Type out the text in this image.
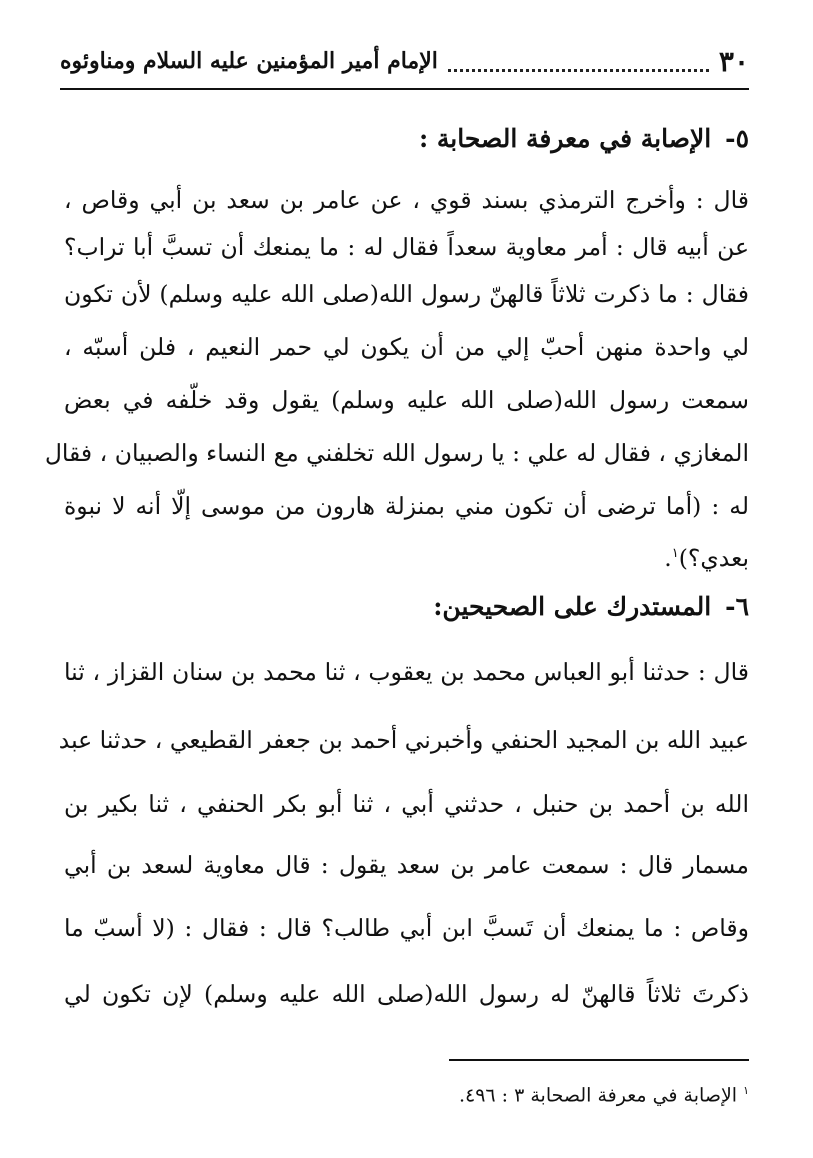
٣٠
الإمام أمير المؤمنين عليه السلام ومناوئوه
٥-الإصابة في معرفة الصحابة :
قال : وأخرج الترمذي بسند قوي ، عن عامر بن سعد بن أبي وقاص ،
عن أبيه قال : أمر معاوية سعداً فقال له : ما يمنعك أن تسبَّ أبا تراب؟
فقال : ما ذكرت ثلاثاً قالهنّ رسول الله(صلى الله عليه وسلم) لأن تكون
لي واحدة منهن أحبّ إلي من أن يكون لي حمر النعيم ، فلن أسبّه ،
سمعت رسول الله(صلى الله عليه وسلم) يقول وقد خلّفه في بعض
المغازي ، فقال له علي : يا رسول الله تخلفني مع النساء والصبيان ، فقال
له : (أما ترضى أن تكون مني بمنزلة هارون من موسى إلّا أنه لا نبوة
بعدي؟)$^١$.
٦-المستدرك على الصحيحين:
قال : حدثنا أبو العباس محمد بن يعقوب ، ثنا محمد بن سنان القزاز ، ثنا
عبيد الله بن المجيد الحنفي وأخبرني أحمد بن جعفر القطيعي ، حدثنا عبد
الله بن أحمد بن حنبل ، حدثني أبي ، ثنا أبو بكر الحنفي ، ثنا بكير بن
مسمار قال : سمعت عامر بن سعد يقول : قال معاوية لسعد بن أبي
وقاص : ما يمنعك أن تَسبَّ ابن أبي طالب؟ قال : فقال : (لا أسبّ ما
ذكرتَ ثلاثاً قالهنّ له رسول الله(صلى الله عليه وسلم) لإن تكون لي
$^١$الإصابة في معرفة الصحابة ٣ : ٤٩٦.
